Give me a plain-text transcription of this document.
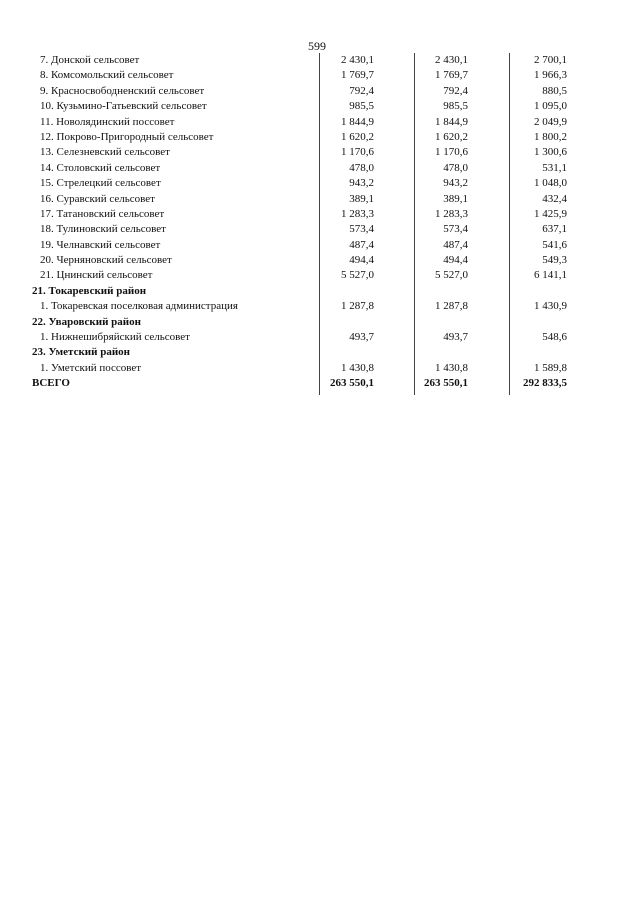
599
7. Донской сельсовет	2 430,1	2 430,1	2 700,1
8. Комсомольский сельсовет	1 769,7	1 769,7	1 966,3
9. Красносвободненский сельсовет	792,4	792,4	880,5
10. Кузьмино-Гатьевский сельсовет	985,5	985,5	1 095,0
11. Новолядинский поссовет	1 844,9	1 844,9	2 049,9
12. Покрово-Пригородный сельсовет	1 620,2	1 620,2	1 800,2
13. Селезневский сельсовет	1 170,6	1 170,6	1 300,6
14. Столовский сельсовет	478,0	478,0	531,1
15. Стрелецкий сельсовет	943,2	943,2	1 048,0
16. Суравский сельсовет	389,1	389,1	432,4
17. Татановский сельсовет	1 283,3	1 283,3	1 425,9
18. Тулиновский сельсовет	573,4	573,4	637,1
19. Челнавский сельсовет	487,4	487,4	541,6
20. Черняновский сельсовет	494,4	494,4	549,3
21. Цнинский сельсовет	5 527,0	5 527,0	6 141,1
21. Токаревский район
1. Токаревская поселковая администрация	1 287,8	1 287,8	1 430,9
22. Уваровский район
1. Нижнешибряйский сельсовет	493,7	493,7	548,6
23. Уметский район
1. Уметский поссовет	1 430,8	1 430,8	1 589,8
ВСЕГО	263 550,1	263 550,1	292 833,5
